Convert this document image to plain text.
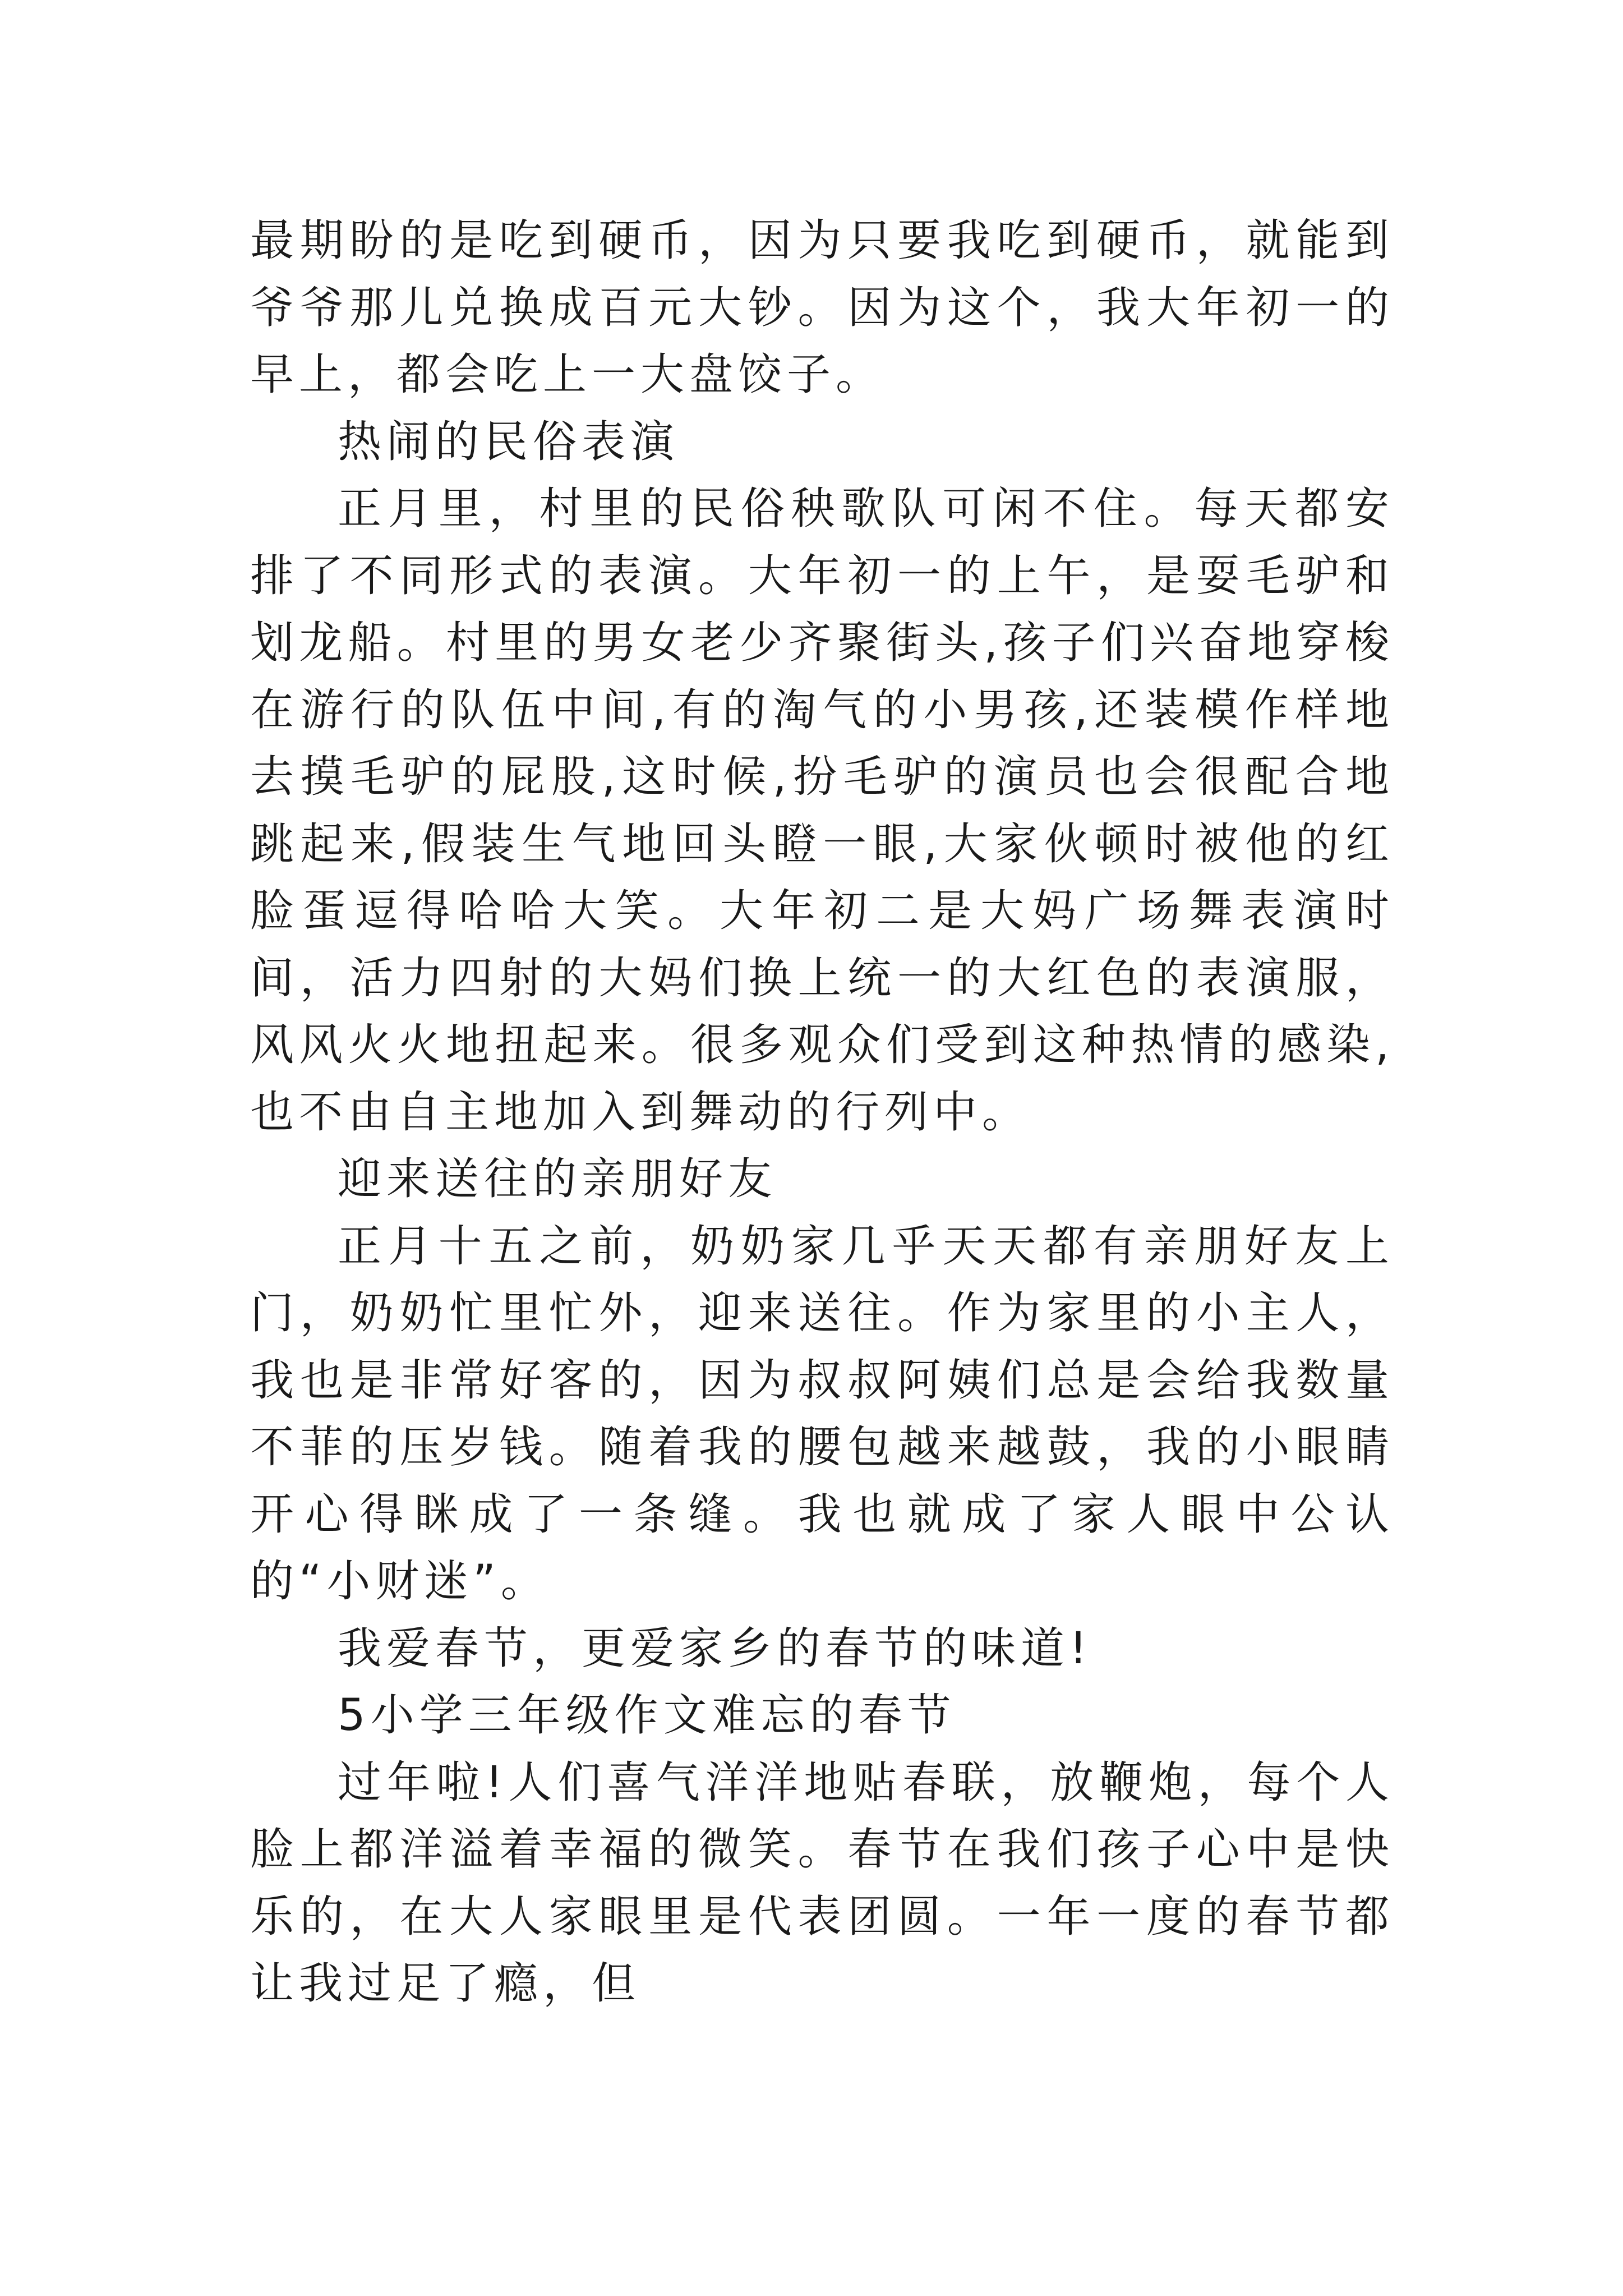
最期盼的是吃到硬币，因为只要我吃到硬币，就能到爷爷那儿兑换成百元大钞。因为这个，我大年初一的早上，都会吃上一大盘饺子。

热闹的民俗表演

正月里，村里的民俗秧歌队可闲不住。每天都安排了不同形式的表演。大年初一的上午，是耍毛驴和划龙船。村里的男女老少齐聚街头,孩子们兴奋地穿梭在游行的队伍中间,有的淘气的小男孩,还装模作样地去摸毛驴的屁股,这时候,扮毛驴的演员也会很配合地跳起来,假装生气地回头瞪一眼,大家伙顿时被他的红脸蛋逗得哈哈大笑。大年初二是大妈广场舞表演时间，活力四射的大妈们换上统一的大红色的表演服，风风火火地扭起来。很多观众们受到这种热情的感染,也不由自主地加入到舞动的行列中。

迎来送往的亲朋好友

正月十五之前，奶奶家几乎天天都有亲朋好友上门，奶奶忙里忙外，迎来送往。作为家里的小主人，我也是非常好客的，因为叔叔阿姨们总是会给我数量不菲的压岁钱。随着我的腰包越来越鼓，我的小眼睛开心得眯成了一条缝。我也就成了家人眼中公认的“小财迷”。

我爱春节，更爱家乡的春节的味道!

5小学三年级作文难忘的春节

过年啦!人们喜气洋洋地贴春联，放鞭炮，每个人脸上都洋溢着幸福的微笑。春节在我们孩子心中是快乐的，在大人家眼里是代表团圆。一年一度的春节都让我过足了瘾，但
